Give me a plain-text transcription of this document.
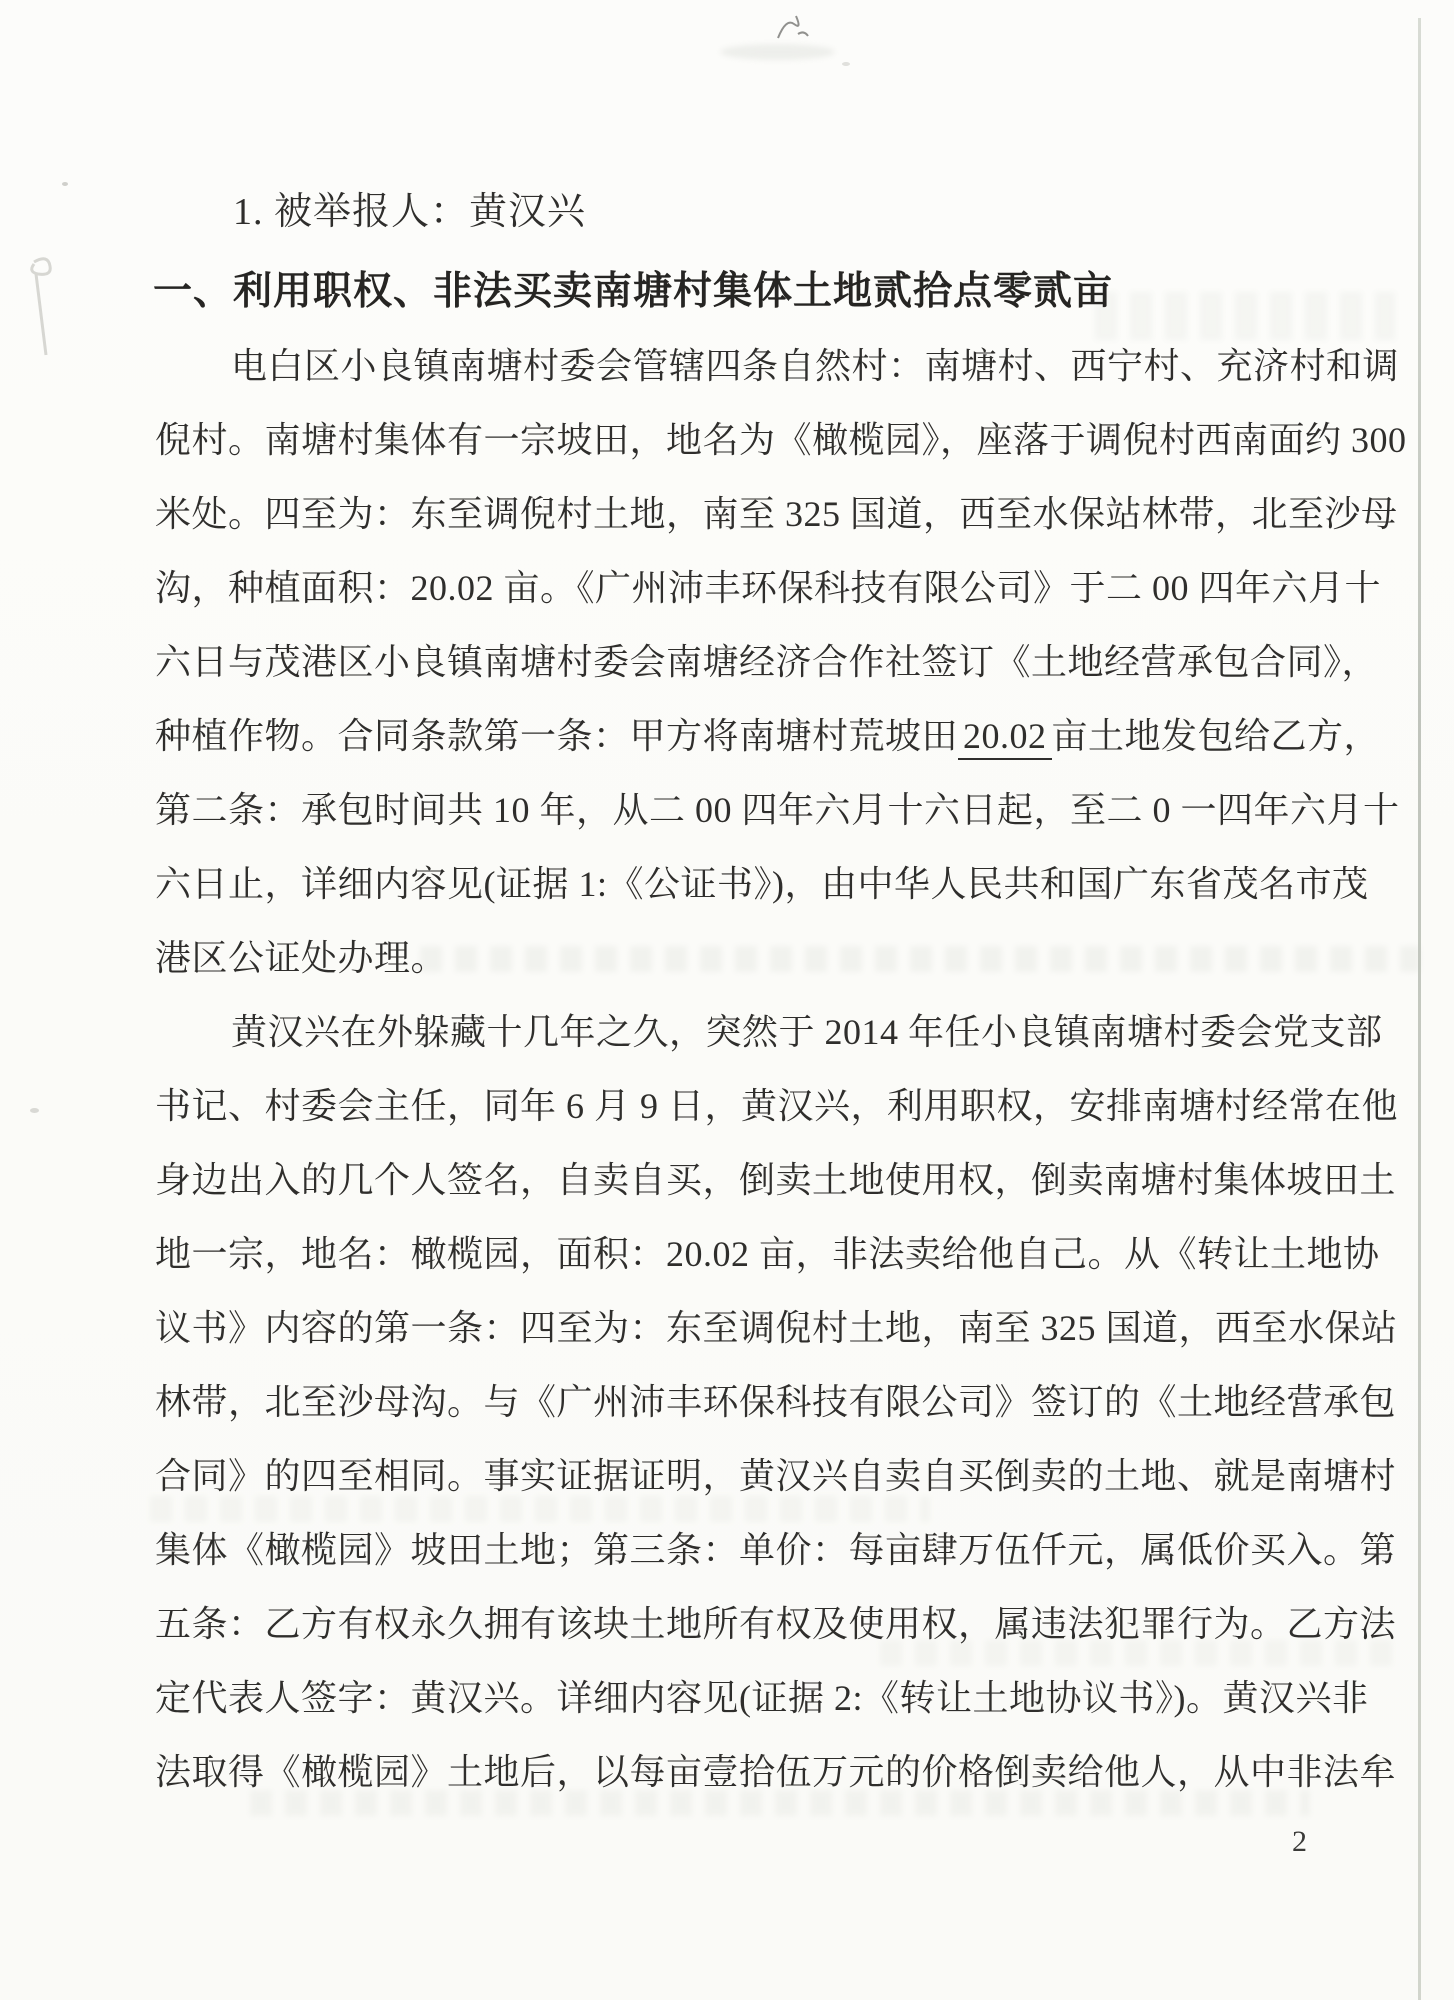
1. 被举报人：黄汉兴
一、利用职权、非法买卖南塘村集体土地贰拾点零贰亩
电白区小良镇南塘村委会管辖四条自然村：南塘村、西宁村、充济村和调
倪村。南塘村集体有一宗坡田，地名为《橄榄园》，座落于调倪村西南面约 300
米处。四至为：东至调倪村土地，南至 325 国道，西至水保站林带，北至沙母
沟，种植面积：20.02 亩。《广州沛丰环保科技有限公司》于二 00 四年六月十
六日与茂港区小良镇南塘村委会南塘经济合作社签订《土地经营承包合同》，
种植作物。合同条款第一条：甲方将南塘村荒坡田 20.02 亩土地发包给乙方，
第二条：承包时间共 10 年，从二 00 四年六月十六日起，至二 0 一四年六月十
六日止，详细内容见(证据 1:《公证书》)，由中华人民共和国广东省茂名市茂
港区公证处办理。
黄汉兴在外躲藏十几年之久，突然于 2014 年任小良镇南塘村委会党支部
书记、村委会主任，同年 6 月 9 日，黄汉兴，利用职权，安排南塘村经常在他
身边出入的几个人签名，自卖自买，倒卖土地使用权，倒卖南塘村集体坡田土
地一宗，地名：橄榄园，面积：20.02 亩，非法卖给他自己。从《转让土地协
议书》内容的第一条：四至为：东至调倪村土地，南至 325 国道，西至水保站
林带，北至沙母沟。与《广州沛丰环保科技有限公司》签订的《土地经营承包
合同》的四至相同。事实证据证明，黄汉兴自卖自买倒卖的土地、就是南塘村
集体《橄榄园》坡田土地；第三条：单价：每亩肆万伍仟元，属低价买入。第
五条：乙方有权永久拥有该块土地所有权及使用权，属违法犯罪行为。乙方法
定代表人签字：黄汉兴。详细内容见(证据 2:《转让土地协议书》)。黄汉兴非
法取得《橄榄园》土地后，以每亩壹拾伍万元的价格倒卖给他人，从中非法牟
2
